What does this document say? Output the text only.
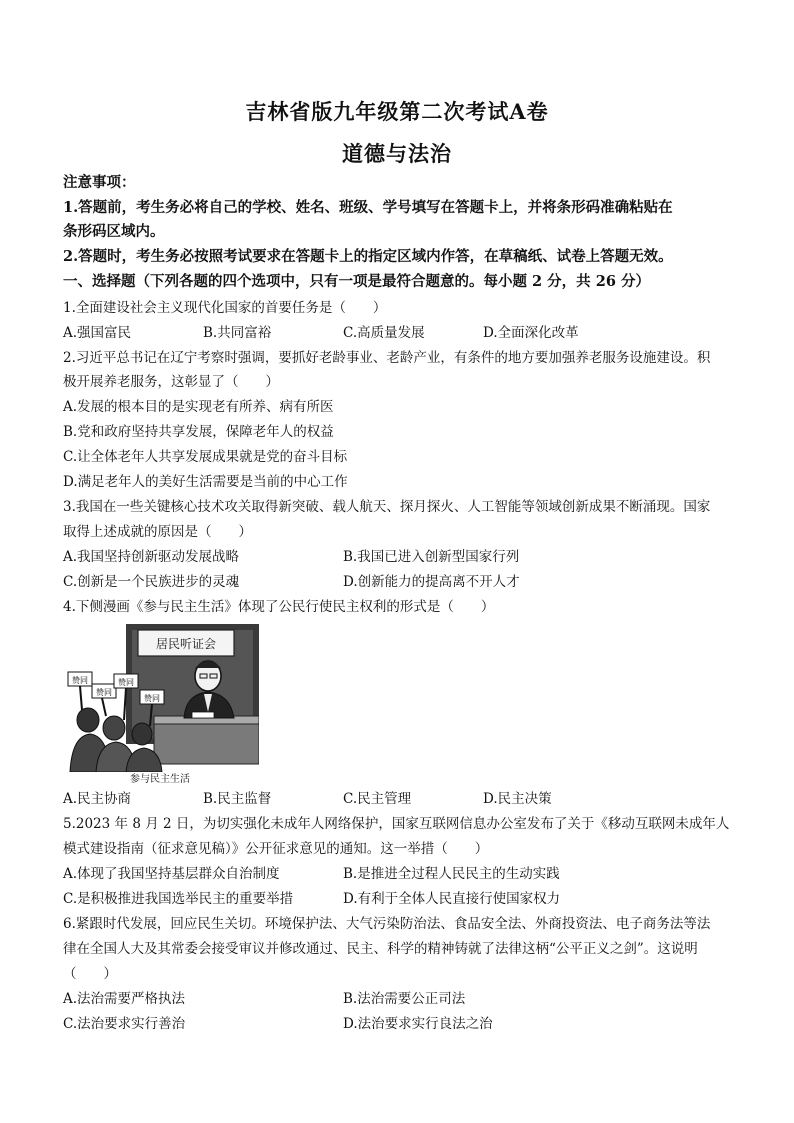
吉林省版九年级第二次考试A卷
道德与法治
注意事项：
1.答题前，考生务必将自己的学校、姓名、班级、学号填写在答题卡上，并将条形码准确粘贴在
条形码区域内。
2.答题时，考生务必按照考试要求在答题卡上的指定区域内作答，在草稿纸、试卷上答题无效。
一、选择题（下列各题的四个选项中，只有一项是最符合题意的。每小题 2 分，共 26 分）
1.全面建设社会主义现代化国家的首要任务是（　　）
A.强国富民	B.共同富裕	C.高质量发展	D.全面深化改革
2.习近平总书记在辽宁考察时强调，要抓好老龄事业、老龄产业，有条件的地方要加强养老服务设施建设。积
极开展养老服务，这彰显了（　　）
A.发展的根本目的是实现老有所养、病有所医
B.党和政府坚持共享发展，保障老年人的权益
C.让全体老年人共享发展成果就是党的奋斗目标
D.满足老年人的美好生活需要是当前的中心工作
3.我国在一些关键核心技术攻关取得新突破、载人航天、探月探火、人工智能等领域创新成果不断涌现。国家
取得上述成就的原因是（　　）
A.我国坚持创新驱动发展战略	B.我国已进入创新型国家行列
C.创新是一个民族进步的灵魂	D.创新能力的提高离不开人才
4.下侧漫画《参与民主生活》体现了公民行使民主权利的形式是（　　）
居民听证会
赞同
赞同
赞同
赞同
参与民主生活
A.民主协商	B.民主监督	C.民主管理	D.民主决策
5.2023 年 8 月 2 日，为切实强化未成年人网络保护，国家互联网信息办公室发布了关于《移动互联网未成年人
模式建设指南（征求意见稿）》公开征求意见的通知。这一举措（　　）
A.体现了我国坚持基层群众自治制度	B.是推进全过程人民民主的生动实践
C.是积极推进我国选举民主的重要举措	D.有利于全体人民直接行使国家权力
6.紧跟时代发展，回应民生关切。环境保护法、大气污染防治法、食品安全法、外商投资法、电子商务法等法
律在全国人大及其常委会接受审议并修改通过、民主、科学的精神铸就了法律这柄“公平正义之剑”。这说明
（　　）
A.法治需要严格执法	B.法治需要公正司法
C.法治要求实行善治	D.法治要求实行良法之治
